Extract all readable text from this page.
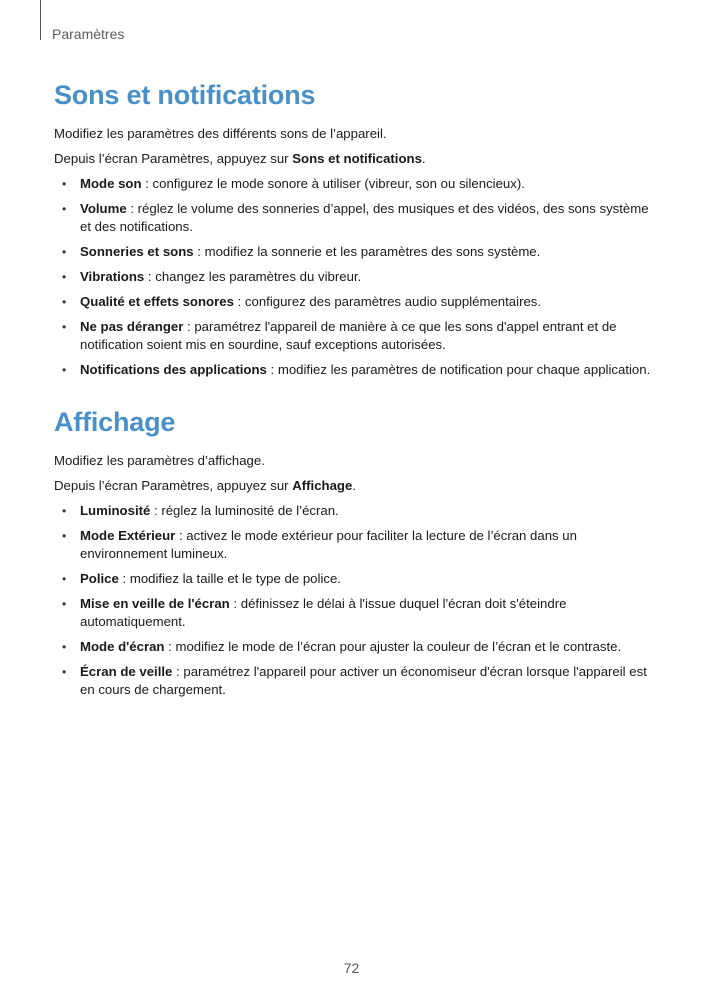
Paramètres
Sons et notifications

Modifiez les paramètres des différents sons de l’appareil.

Depuis l’écran Paramètres, appuyez sur Sons et notifications.

• Mode son : configurez le mode sonore à utiliser (vibreur, son ou silencieux).
• Volume : réglez le volume des sonneries d’appel, des musiques et des vidéos, des sons système et des notifications.
• Sonneries et sons : modifiez la sonnerie et les paramètres des sons système.
• Vibrations : changez les paramètres du vibreur.
• Qualité et effets sonores : configurez des paramètres audio supplémentaires.
• Ne pas déranger : paramétrez l'appareil de manière à ce que les sons d'appel entrant et de notification soient mis en sourdine, sauf exceptions autorisées.
• Notifications des applications : modifiez les paramètres de notification pour chaque application.
Affichage

Modifiez les paramètres d’affichage.

Depuis l’écran Paramètres, appuyez sur Affichage.

• Luminosité : réglez la luminosité de l’écran.
• Mode Extérieur : activez le mode extérieur pour faciliter la lecture de l’écran dans un environnement lumineux.
• Police : modifiez la taille et le type de police.
• Mise en veille de l'écran : définissez le délai à l'issue duquel l'écran doit s'éteindre automatiquement.
• Mode d'écran : modifiez le mode de l’écran pour ajuster la couleur de l’écran et le contraste.
• Écran de veille : paramétrez l'appareil pour activer un économiseur d'écran lorsque l'appareil est en cours de chargement.
72
